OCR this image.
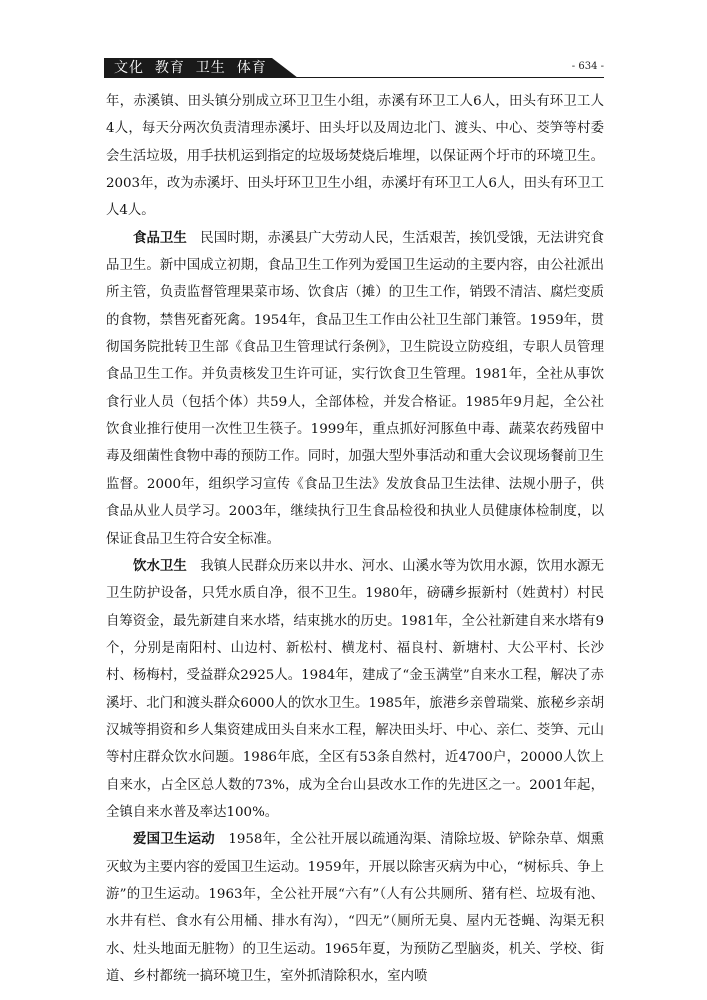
文化  教育  卫生  体育	- 634 -

年，赤溪镇、田头镇分别成立环卫卫生小组，赤溪有环卫工人6人，田头有环卫工人4人，每天分两次负责清理赤溪圩、田头圩以及周边北门、渡头、中心、茭笋等村委会生活垃圾，用手扶机运到指定的垃圾场焚烧后堆埋，以保证两个圩市的环境卫生。2003年，改为赤溪圩、田头圩环卫卫生小组，赤溪圩有环卫工人6人，田头有环卫工人4人。

食品卫生  民国时期，赤溪县广大劳动人民，生活艰苦，挨饥受饿，无法讲究食品卫生。新中国成立初期，食品卫生工作列为爱国卫生运动的主要内容，由公社派出所主管，负责监督管理果菜市场、饮食店（摊）的卫生工作，销毁不清洁、腐烂变质的食物，禁售死畜死禽。1954年，食品卫生工作由公社卫生部门兼管。1959年，贯彻国务院批转卫生部《食品卫生管理试行条例》，卫生院设立防疫组，专职人员管理食品卫生工作。并负责核发卫生许可证，实行饮食卫生管理。1981年，全社从事饮食行业人员（包括个体）共59人，全部体检，并发合格证。1985年9月起，全公社饮食业推行使用一次性卫生筷子。1999年，重点抓好河豚鱼中毒、蔬菜农药残留中毒及细菌性食物中毒的预防工作。同时，加强大型外事活动和重大会议现场餐前卫生监督。2000年，组织学习宣传《食品卫生法》发放食品卫生法律、法规小册子，供食品从业人员学习。2003年，继续执行卫生食品检役和执业人员健康体检制度，以保证食品卫生符合安全标准。

饮水卫生  我镇人民群众历来以井水、河水、山溪水等为饮用水源，饮用水源无卫生防护设备，只凭水质自净，很不卫生。1980年，磅礴乡振新村（姓黄村）村民自筹资金，最先新建自来水塔，结束挑水的历史。1981年，全公社新建自来水塔有9个，分别是南阳村、山边村、新松村、横龙村、福良村、新塘村、大公平村、长沙村、杨梅村，受益群众2925人。1984年，建成了“金玉满堂”自来水工程，解决了赤溪圩、北门和渡头群众6000人的饮水卫生。1985年，旅港乡亲曾瑞棠、旅秘乡亲胡汉城等捐资和乡人集资建成田头自来水工程，解决田头圩、中心、亲仁、茭笋、元山等村庄群众饮水问题。1986年底，全区有53条自然村，近4700户，20000人饮上自来水，占全区总人数的73%，成为全台山县改水工作的先进区之一。2001年起，全镇自来水普及率达100%。

爱国卫生运动  1958年，全公社开展以疏通沟渠、清除垃圾、铲除杂草、烟熏灭蚊为主要内容的爱国卫生运动。1959年，开展以除害灭病为中心，“树标兵、争上游”的卫生运动。1963年，全公社开展“六有”（人有公共厕所、猪有栏、垃圾有池、水井有栏、食水有公用桶、排水有沟），“四无”（厕所无臭、屋内无苍蝇、沟渠无积水、灶头地面无脏物）的卫生运动。1965年夏，为预防乙型脑炎，机关、学校、街道、乡村都统一搞环境卫生，室外抓清除积水，室内喷
